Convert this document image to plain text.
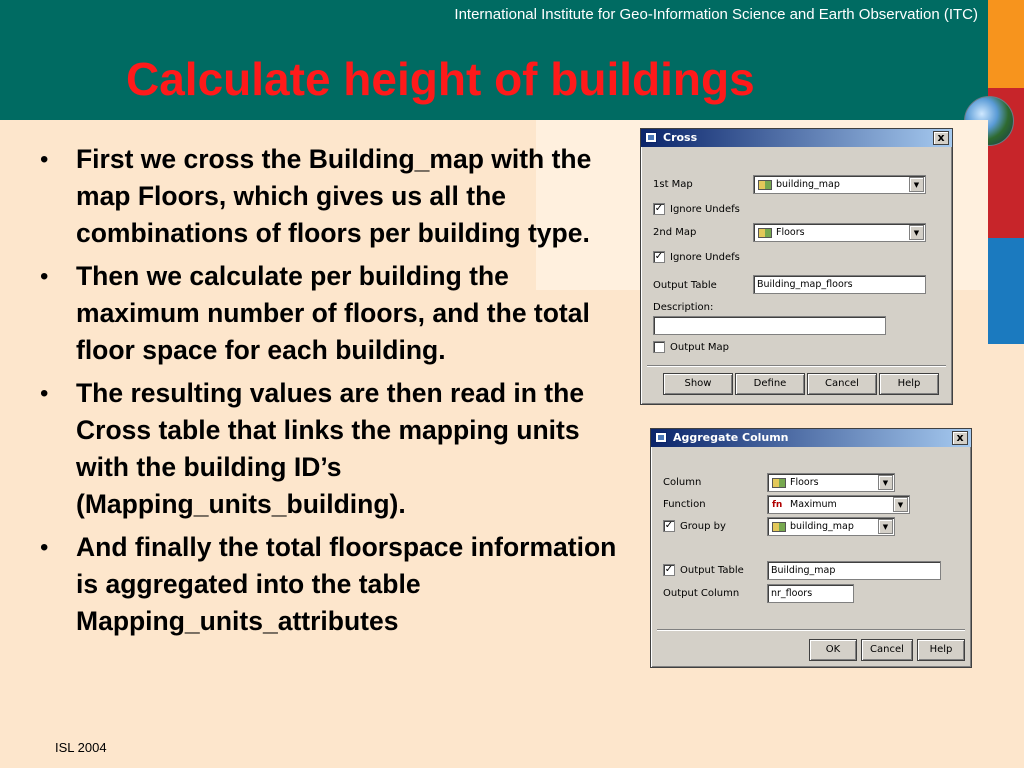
International Institute for Geo-Information Science and Earth Observation (ITC)
Calculate height of buildings
• First we cross the Building_map with the map Floors, which gives us all the combinations of floors per building type.
• Then we calculate per building the maximum number of floors, and the total floor space for each building.
• The resulting values are then read in the Cross table that links the mapping units with the building ID’s (Mapping_units_building).
• And finally the total floorspace information is aggregated into the table Mapping_units_attributes
ISL 2004
Cross	x
1st Map	building_map	▼
✓ Ignore Undefs
2nd Map	Floors	▼
✓ Ignore Undefs
Output Table	Building_map_floors
Description:
Output Map
Show	Define	Cancel	Help
Aggregate Column	x
Column	Floors	▼
Function	fn Maximum	▼
✓ Group by	building_map	▼
✓ Output Table	Building_map
Output Column	nr_floors
OK	Cancel	Help
